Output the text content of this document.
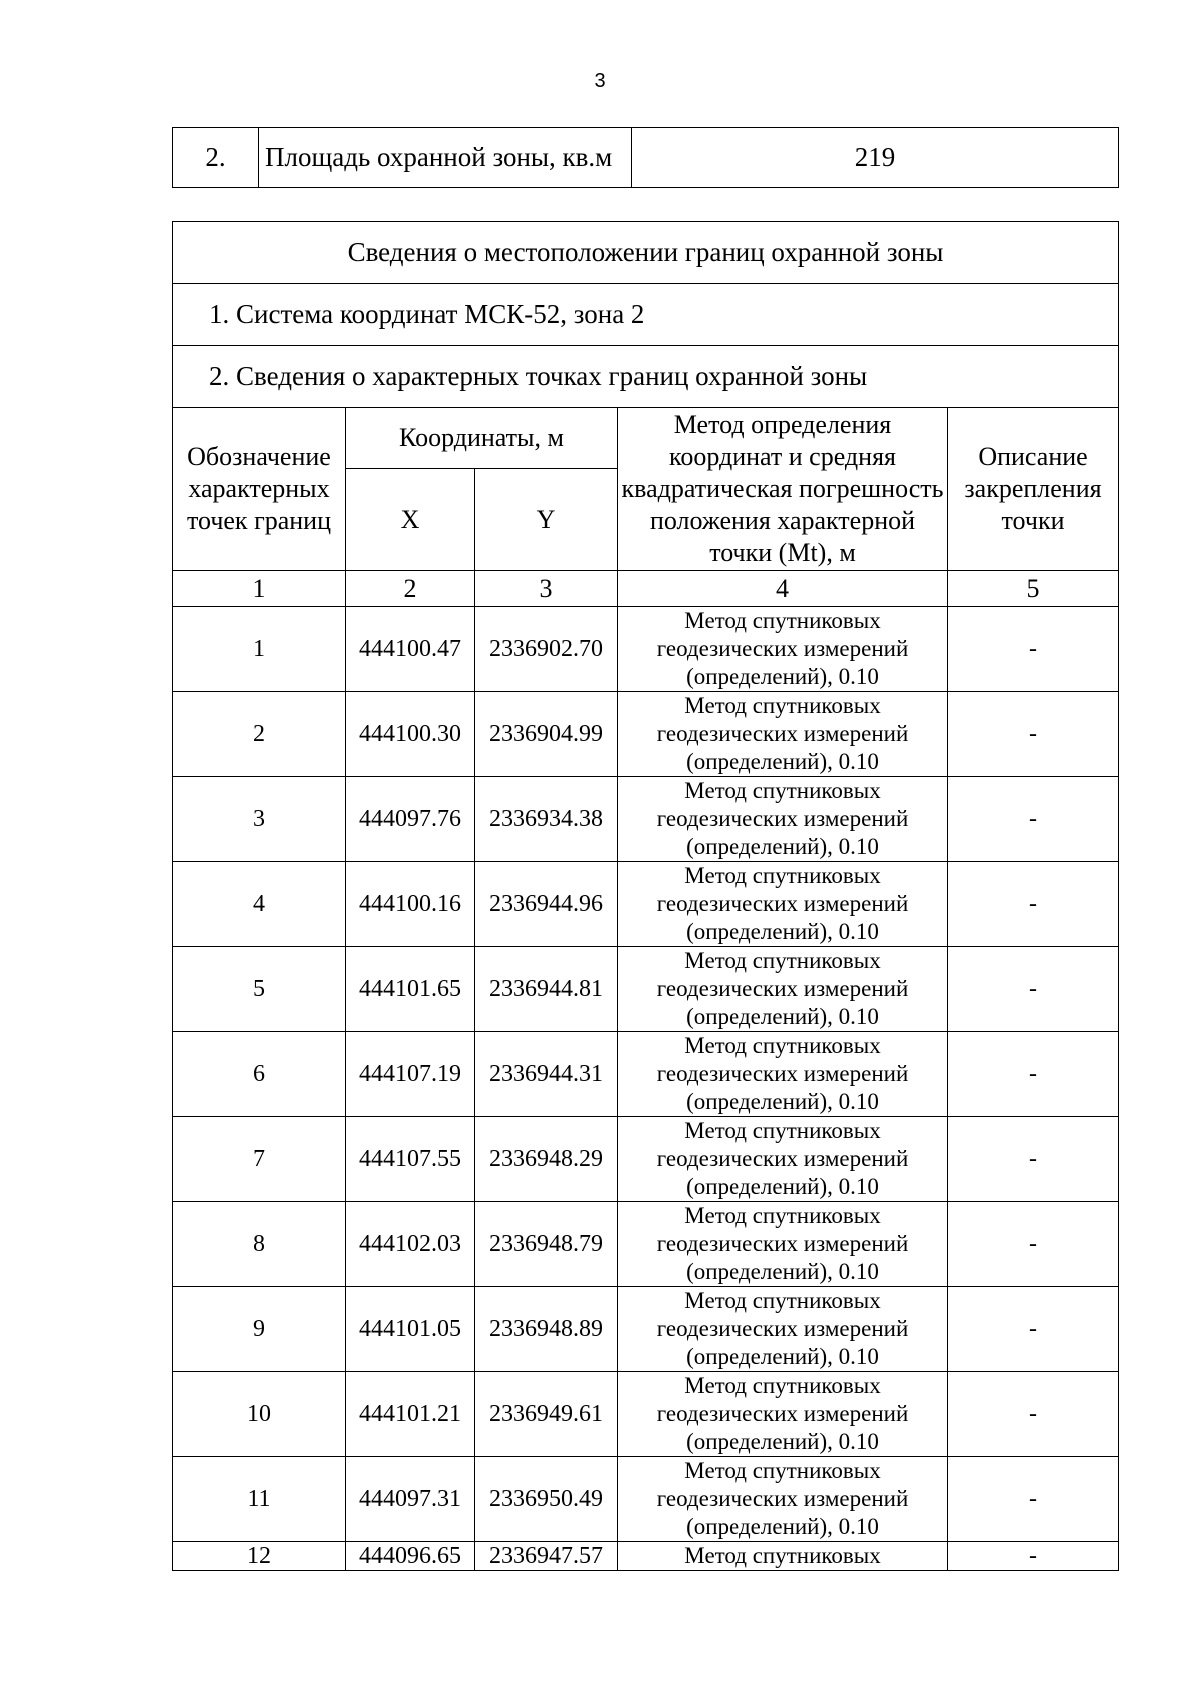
3
2.	Площадь охранной зоны, кв.м	219
Сведения о местоположении границ охранной зоны				
1. Система координат МСК-52, зона 2				
2. Сведения о характерных точках границ охранной зоны				
Обозначение характерных точек границ	Координаты, м		Метод определения координат и средняя квадратическая погрешность положения характерной точки (Mt), м	Описание закрепления точки
	X	Y		
1	2	3	4	5
1	444100.47	2336902.70	Метод спутниковых
геодезических измерений
(определений), 0.10	-
2	444100.30	2336904.99	Метод спутниковых
геодезических измерений
(определений), 0.10	-
3	444097.76	2336934.38	Метод спутниковых
геодезических измерений
(определений), 0.10	-
4	444100.16	2336944.96	Метод спутниковых
геодезических измерений
(определений), 0.10	-
5	444101.65	2336944.81	Метод спутниковых
геодезических измерений
(определений), 0.10	-
6	444107.19	2336944.31	Метод спутниковых
геодезических измерений
(определений), 0.10	-
7	444107.55	2336948.29	Метод спутниковых
геодезических измерений
(определений), 0.10	-
8	444102.03	2336948.79	Метод спутниковых
геодезических измерений
(определений), 0.10	-
9	444101.05	2336948.89	Метод спутниковых
геодезических измерений
(определений), 0.10	-
10	444101.21	2336949.61	Метод спутниковых
геодезических измерений
(определений), 0.10	-
11	444097.31	2336950.49	Метод спутниковых
геодезических измерений
(определений), 0.10	-
12	444096.65	2336947.57	Метод спутниковых	-
